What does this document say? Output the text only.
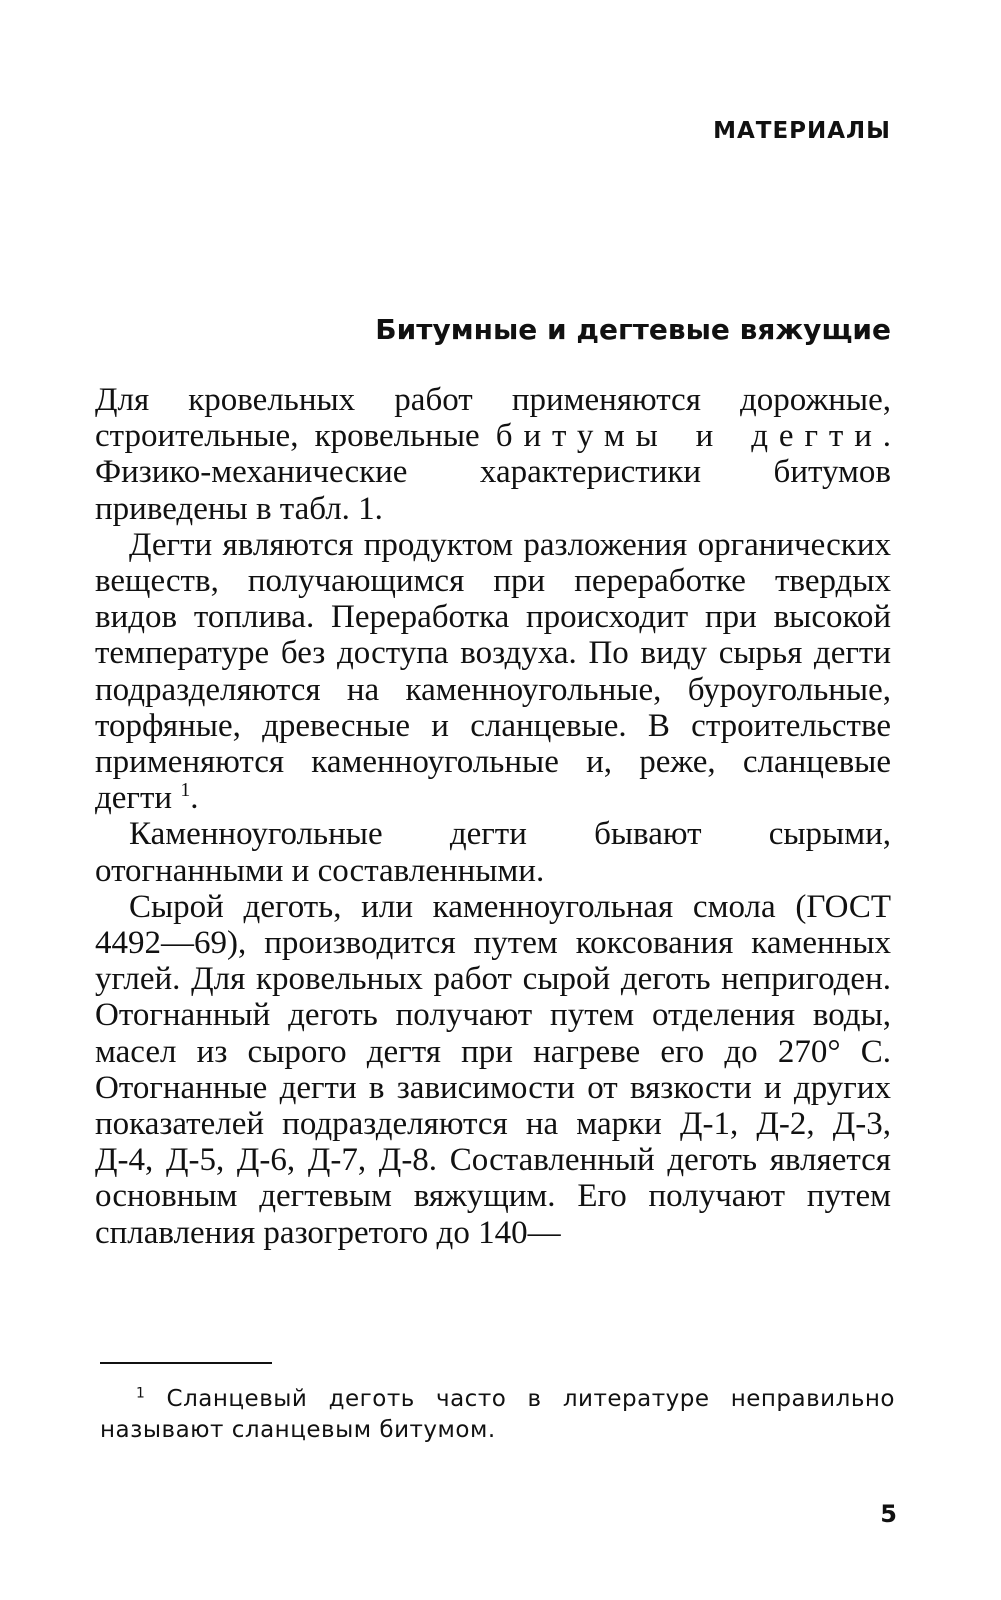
МАТЕРИАЛЫ
Битумные и дегтевые вяжущие

Для кровельных работ применяются дорожные, строительные, кровельные битумы и дегти. Физико-механические характеристики битумов приведены в табл. 1.

Дегти являются продуктом разложения органических веществ, получающимся при переработке твердых видов топлива. Переработка происходит при высокой температуре без доступа воздуха. По виду сырья дегти подразделяются на каменноугольные, буроугольные, торфяные, древесные и сланцевые. В строительстве применяются каменноугольные и, реже, сланцевые дегти $^1$.

Каменноугольные дегти бывают сырыми, отогнанными и составленными.

Сырой деготь, или каменноугольная смола (ГОСТ 4492—69), производится путем коксования каменных углей. Для кровельных работ сырой деготь непригоден. Отогнанный деготь получают путем отделения воды, масел из сырого дегтя при нагреве его до 270° С. Отогнанные дегти в зависимости от вязкости и других показателей подразделяются на марки Д-1, Д-2, Д-3, Д-4, Д-5, Д-6, Д-7, Д-8. Составленный деготь является основным дегтевым вяжущим. Его получают путем сплавления разогретого до 140—

$^1$ Сланцевый деготь часто в литературе неправильно называют сланцевым битумом.
5
